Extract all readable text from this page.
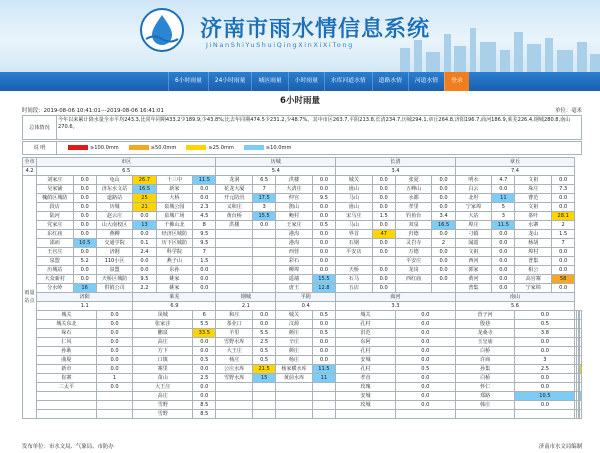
济南市雨水情信息系统
JiNanShiYuShuiQingXinXiXiTong
6小时雨量	24小时雨量	城区雨量	小时雨量	水库河道水情	道路水情	河道水情	登录
6小时雨量
时间段：2019-08-06 10:41:01---2019-08-06 16:41:01	单位：毫米
总体情况	今年以来累计降水量全市平均243.3,比常年同期433.2少189.9,少43.8%;比去年同期474.5少231.2,少48.7%。其中市区263.7,平阴213.8,长清234.7,历城294.1,章丘264.8,济阳196.7,商河186.9,莱芜226.4,钢城280.8,南山270.6。
说 明	≥100.0mm	≥50.0mm	≥25.0mm	≥10.0mm
全市	市区						历城				长清				章丘						
4.2	6.5						5.4				3.4				7.4						
雨量站点	刘家庄	0.0	龟山	26.7	十三中	11.5	龙洞	6.5	洪楼	0.0	城关	0.0	张夏	0.0	明水	4.7	文祖	0.0			
	吴家铺	0.0	济东水文站	16.5	新家	0.0	花龙大厦	7	大清庄	0.0	崮山	0.0	五峰山	0.0	白云	0.0	垛庄	7.3			
	槐荫区城防	0.0	道路站	25	大桥	0.0	开元防汛	17.5	仲宫	9.5	马山	0.0	水都	0.0	北坦	11	曹范	0.0			
	段店	0.0	历城	21	泉城公园	2.3	义和庄	3	鹊山	0.0	崮山	0.0	孝里	0.0	宁家埠	5	文祖	0.0			
	陆河	0.0	赵云庄	0.0	泉城广场	4.5	黄台桥	15.5	鲍村	0.0	宋马庄	1.5	钓鱼台	3.4	大站	3	茶叶	28.1			
	党家庄	0.0	山大南校区	13	千佛山北	8	洪楼	0.0	王家庄	0.5	马山	0.0	双泉	16.5	埠庄	11.5	水寨	2			
	东红庙	0.0	燕柳	0.0	经济区城防	9.5			港沟	0.0	界首	47	归德	0.0	刁镇	0.0	龙山	1.5			
	邵而	10.5	交通学院	0.1	历下区城防	9.5			港沟	0.0	石钢	0.0	灵岩寺	2	闻韶	0.0	杨胡	7			
	王官庄	0.0	济钢	2.4	科学院	7			西营	0.0	平安店	0.0	万德	0.0	文祖	0.0	埠村	0.0			
	泉盟	5.2	110小区	0.0	燕子山	1.5			彩石	0.0			平安庄	0.0	西河	0.0	普集	0.0			
	历城站	0.0	泉盟	0.0	东孙	0.0			柳埠	0.0	天桥	0.0	龙岗	0.0	郭家	0.0	相公	0.0			
	大众新村	0.0	天桥区城防	9.5	姚家	0.0			遥墙	15.5	石马	0.0	西红庙	0.0	黄河	0.0	高官寨	58			
	分水岭	16	供销公司	2.2	姚家	0.0			唐王	12.8	五店	0.0			普集	0.0	宁家埠	0.0			
	济阳			莱芜			钢城		平阴		商河				南山						
	1.1			6.9			2.1		0.4		3.3				5.6						
	城关		0.0	凤城		6	和庄	0.0	城关	0.5	城关		0.0		营子河		0.0				
	城关东北		0.0	张家洼		5.5	茶业口	0.0	汶源	0.0	孔村		0.0		殷巷		0.5				
	垛石		0.0	鹏泉		33.5	羊里	5.5	颜庄	0.5	洪范		0.0		龙桑寺		3.8				
	仁风		0.0	高庄		0.0	雪野水库	2.5	辛庄	0.0	东阿		0.0		玉皇庙		0.0				
	孙耿		0.0	方下		0.0	大王庄	0.5	颜庄	0.0	孔村		0.0		白桥		0.0				
	曲堤		0.0	口镇		0.5	杨庄	0.5	杨庄	0.0	安城		0.0		许商		3				
	新市		0.0	寨里		0.0	公庄水库	21.5	杨家横水库	11.5	孔村		0.5		孙集		2.5				
	崔寨		1	苗山		2.5	雪野水库	15	黄前水库	11	孝直		0.0		白桥		0.0				
	二太平		0.0	大王庄		0.0					玫瑰		0.0		怀仁		0.0				
				高庄		0.0					安城		0.0		郑路		10.5				
				雪野		8.5					玫城		0.0		韩庄		0.0				
				雪野		8.5												
发布单位：市水文局、气象局、市防办	济南市水文局编制
